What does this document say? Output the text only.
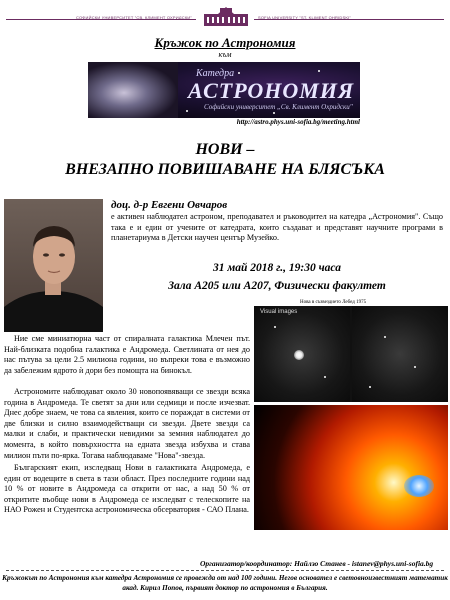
СОФИЙСКИ УНИВЕРСИТЕТ "СВ. КЛИМЕНТ ОХРИДСКИ"	SOFIA UNIVERSITY "ST. KLIMENT OHRIDSKI"
Кръжок по Астрономия
към
Катедра
АСТРОНОМИЯ
Софийски университет „Св. Климент Охридски"
http://astro.phys.uni-sofia.bg/meeting.html
НОВИ –
ВНЕЗАПНО ПОВИШАВАНЕ НА БЛЯСЪКА
доц. д-р Евгени Овчаров
е активен наблюдател астроном, преподавател и ръководител на катедра „Астрономия". Също така е и един от учените от катедрата, които създават и представят научните програми в планетариума в Детски научен център Музейко.
31 май 2018 г., 19:30 часа
Зала A205 или A207, Физически факултет
Нова в съзвездието Лебед 1975
Visual images
Ние сме миниатюрна част от спиралната галактика Млечен път. Най-близката подобна галактика е Андромеда. Светлината от нея до нас пътува за цели 2.5 милиона години, но въпреки това е възможно да забележим ядрото ѝ дори без помощта на бинокъл.
Астрономите наблюдават около 30 новопоявяващи се звезди всяка година в Андромеда. Те светят за дни или седмици и после изчезват. Днес добре знаем, че това са явления, които се пораждат в системи от две близки и силно взаимодействащи си звезди. Двете звезди са малки и слаби, и практически невидими за земния наблюдател до момента, в който повърхността на едната звезда избухва и става милион пъти по-ярка. Тогава наблюдаваме "Нова"-звезда.
Българският екип, изследващ Нови в галактиката Андромеда, е един от водещите в света в тази област. През последните години над 10 % от новите в Андромеда са открити от нас, а над 50 % от откритите въобще нови в Андромеда се изследват с телескопите на НАО Рожен и Студентска астрономическа обсерватория - САО Плана.
Организатор/координатор: Найлзо Станев - istanev@phys.uni-sofia.bg
Кръжокът по Астрономия към катедра Астрономия се провежда от над 100 години. Негов основател е световноизвестният математик акад. Кирил Попов, първият доктор по астрономия в България.
